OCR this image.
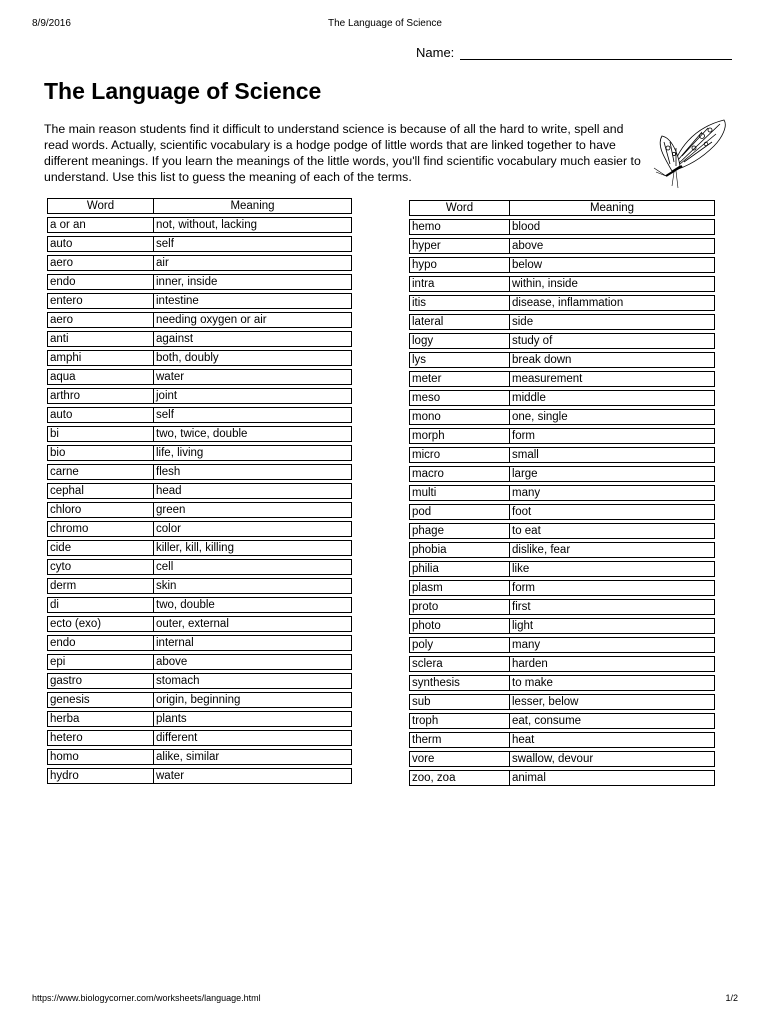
8/9/2016	The Language of Science
Name:
The Language of Science

The main reason students find it difficult to understand science is because of all the hard to write, spell and read words. Actually, scientific vocabulary is a hodge podge of little words that are linked together to have different meanings. If you learn the meanings of the little words, you'll find scientific vocabulary much easier to understand. Use this list to guess the meaning of each of the terms.

Word	Meaning
a or an	not, without, lacking
auto	self
aero	air
endo	inner, inside
entero	intestine
aero	needing oxygen or air
anti	against
amphi	both, doubly
aqua	water
arthro	joint
auto	self
bi	two, twice, double
bio	life, living
carne	flesh
cephal	head
chloro	green
chromo	color
cide	killer, kill, killing
cyto	cell
derm	skin
di	two, double
ecto (exo)	outer, external
endo	internal
epi	above
gastro	stomach
genesis	origin, beginning
herba	plants
hetero	different
homo	alike, similar
hydro	water
Word	Meaning
hemo	blood
hyper	above
hypo	below
intra	within, inside
itis	disease, inflammation
lateral	side
logy	study of
lys	break down
meter	measurement
meso	middle
mono	one, single
morph	form
micro	small
macro	large
multi	many
pod	foot
phage	to eat
phobia	dislike, fear
philia	like
plasm	form
proto	first
photo	light
poly	many
sclera	harden
synthesis	to make
sub	lesser, below
troph	eat, consume
therm	heat
vore	swallow, devour
zoo, zoa	animal
https://www.biologycorner.com/worksheets/language.html	1/2
